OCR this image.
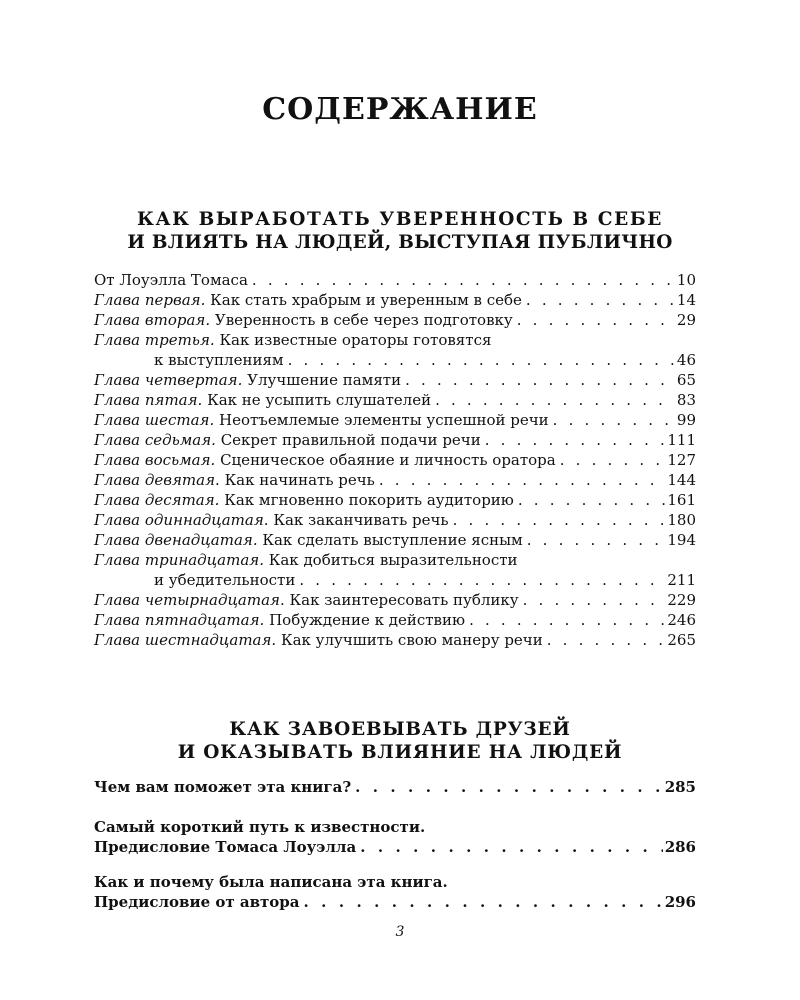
СОДЕРЖАНИЕ
КАК ВЫРАБОТАТЬ УВЕРЕННОСТЬ В СЕБЕ
И ВЛИЯТЬ НА ЛЮДЕЙ, ВЫСТУПАЯ ПУБЛИЧНО
От Лоуэлла Томаса . . .	10
Глава первая. Как стать храбрым и уверенным в себе . . .	14
Глава вторая. Уверенность в себе через подготовку . . .	29
Глава третья. Как известные ораторы готовятся
к выступлениям . . .	46
Глава четвертая. Улучшение памяти . . .	65
Глава пятая. Как не усыпить слушателей . . .	83
Глава шестая. Неотъемлемые элементы успешной речи . . .	99
Глава седьмая. Секрет правильной подачи речи . . .	111
Глава восьмая. Сценическое обаяние и личность оратора . . .	127
Глава девятая. Как начинать речь . . .	144
Глава десятая. Как мгновенно покорить аудиторию . . .	161
Глава одиннадцатая. Как заканчивать речь . . .	180
Глава двенадцатая. Как сделать выступление ясным . . .	194
Глава тринадцатая. Как добиться выразительности
и убедительности . . .	211
Глава четырнадцатая. Как заинтересовать публику . . .	229
Глава пятнадцатая. Побуждение к действию . . .	246
Глава шестнадцатая. Как улучшить свою манеру речи . . .	265
КАК ЗАВОЕВЫВАТЬ ДРУЗЕЙ
И ОКАЗЫВАТЬ ВЛИЯНИЕ НА ЛЮДЕЙ
Чем вам поможет эта книга? . . .	285
Самый короткий путь к известности.
Предисловие Томаса Лоуэлла . . .	286
Как и почему была написана эта книга.
Предисловие от автора . . .	296
3
